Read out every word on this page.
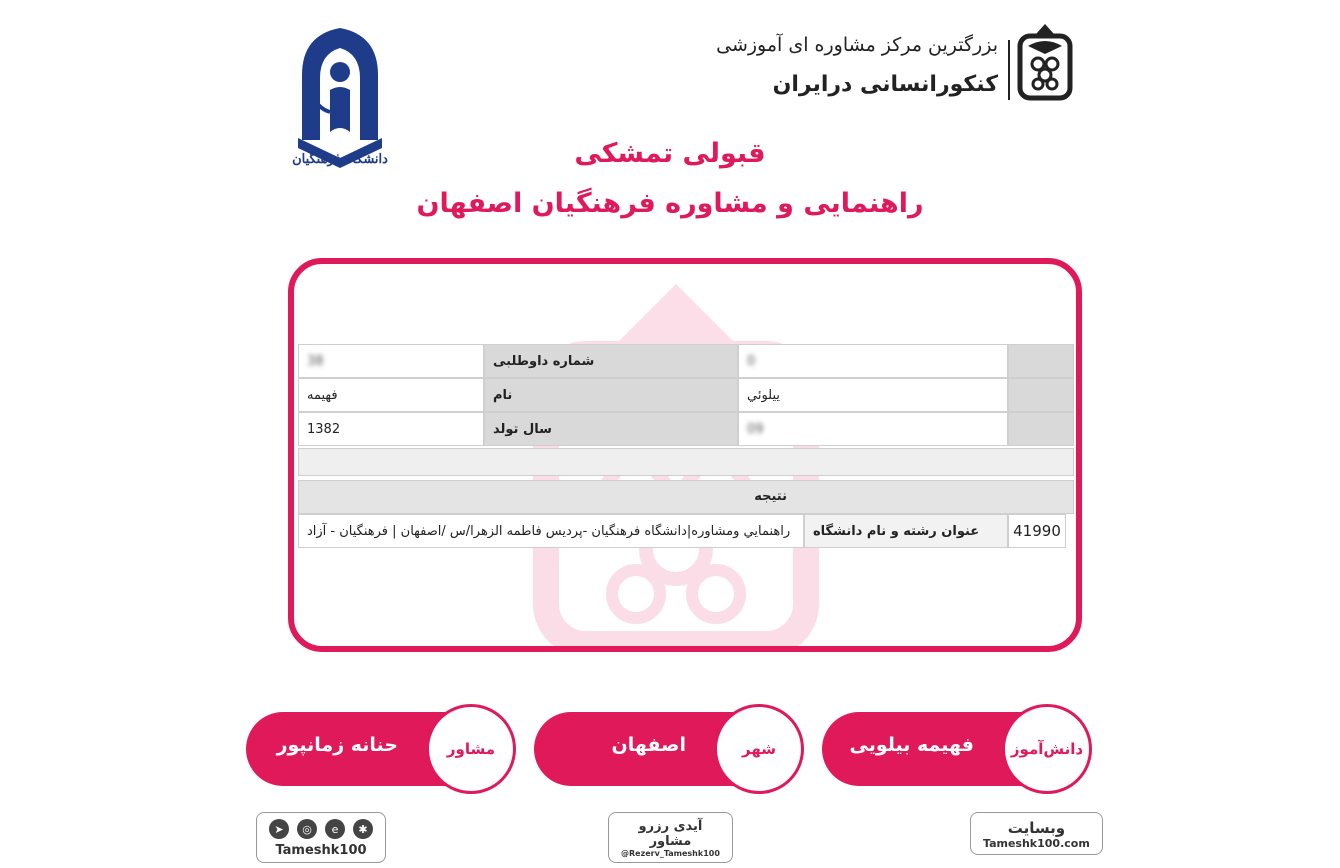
دانشگاه فرهنگیان
بزرگترین مرکز مشاوره ای آموزشی
کنکورانسانی درایران
قبولی تمشکی
راهنمایی و مشاوره فرهنگیان اصفهان
38	شماره داوطلبی	0
فهیمه	نام	ييلوئي
1382	سال تولد	09
نتيجه
راهنمايي ومشاوره|دانشگاه فرهنگيان -پرديس فاطمه الزهرا/س /اصفهان | فرهنگيان - آزاد	عنوان رشته و نام دانشگاه	41990
فهیمه بیلویی دانش‌آموز
اصفهان	شهر
حنانه زمانپور	مشاور
وبسایت
Tameshk100.com
آیدی رزرو مشاور
@Rezerv_Tameshk100
➤	◎	e	✱
Tameshk100
